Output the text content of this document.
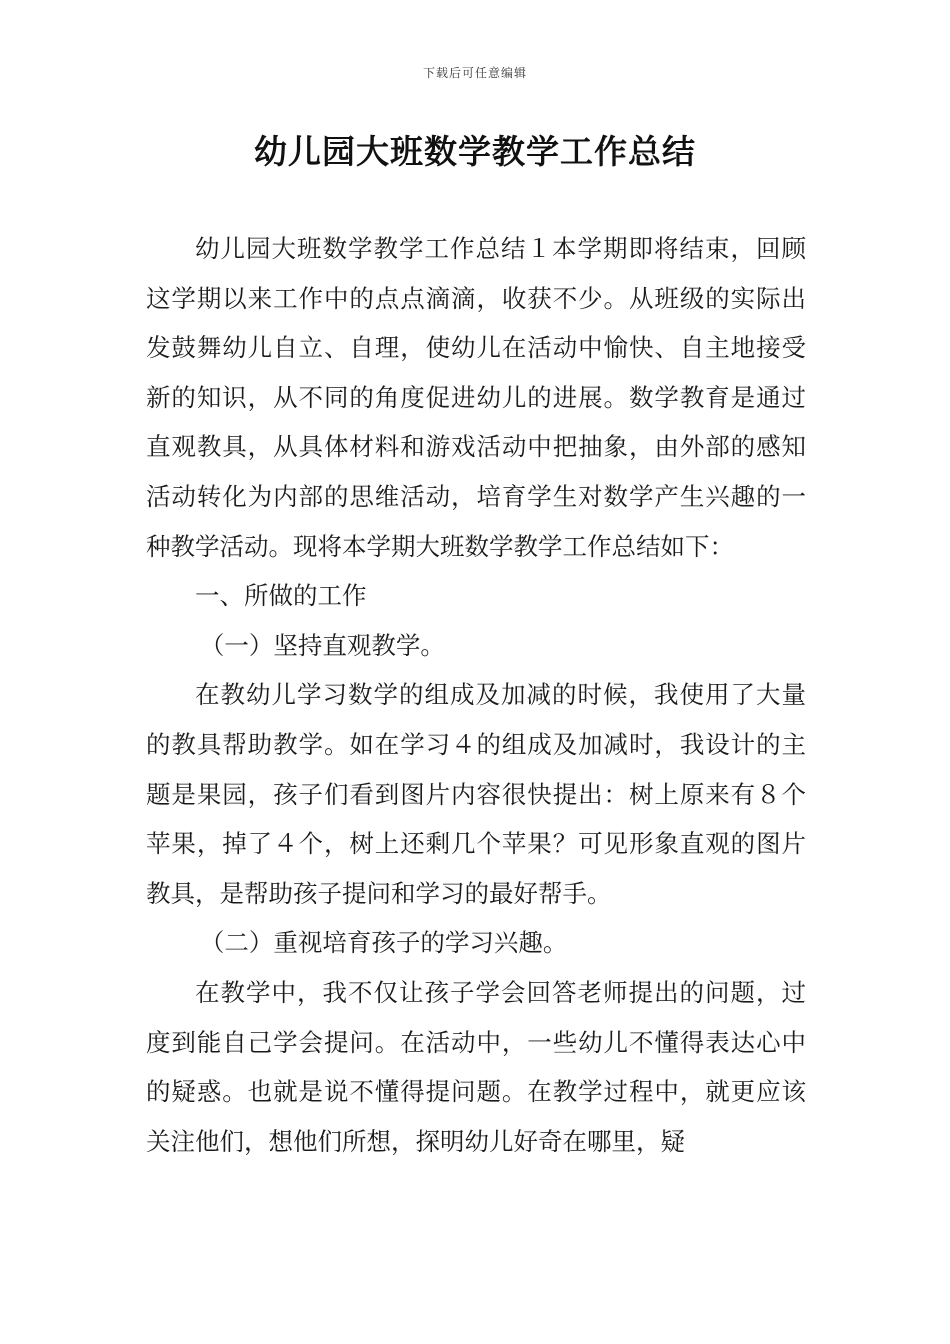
下载后可任意编辑
幼儿园大班数学教学工作总结

幼儿园大班数学教学工作总结１本学期即将结束，回顾这学期以来工作中的点点滴滴，收获不少。从班级的实际出发鼓舞幼儿自立、自理，使幼儿在活动中愉快、自主地接受新的知识，从不同的角度促进幼儿的进展。数学教育是通过直观教具，从具体材料和游戏活动中把抽象，由外部的感知活动转化为内部的思维活动，培育学生对数学产生兴趣的一种教学活动。现将本学期大班数学教学工作总结如下：

一、所做的工作

（一）坚持直观教学。

在教幼儿学习数学的组成及加减的时候，我使用了大量的教具帮助教学。如在学习４的组成及加减时，我设计的主题是果园，孩子们看到图片内容很快提出：树上原来有８个苹果，掉了４个，树上还剩几个苹果？可见形象直观的图片教具，是帮助孩子提问和学习的最好帮手。

（二）重视培育孩子的学习兴趣。

在教学中，我不仅让孩子学会回答老师提出的问题，过度到能自己学会提问。在活动中，一些幼儿不懂得表达心中的疑惑。也就是说不懂得提问题。在教学过程中，就更应该关注他们，想他们所想，探明幼儿好奇在哪里，疑
